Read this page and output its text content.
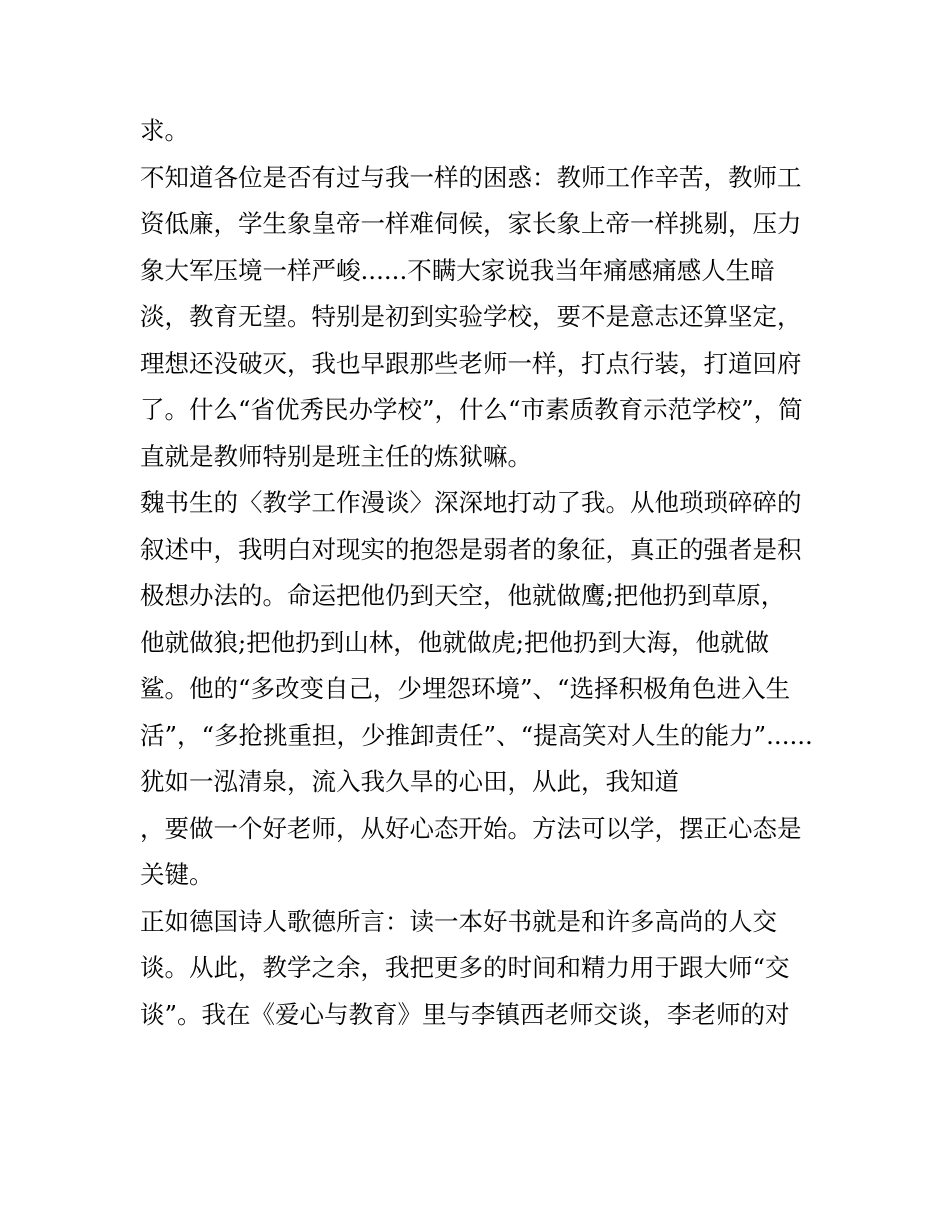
求。
不知道各位是否有过与我一样的困惑：教师工作辛苦，教师工
资低廉，学生象皇帝一样难伺候，家长象上帝一样挑剔，压力
象大军压境一样严峻......不瞒大家说我当年痛感痛感人生暗
淡，教育无望。特别是初到实验学校，要不是意志还算坚定，
理想还没破灭，我也早跟那些老师一样，打点行装，打道回府
了。什么“省优秀民办学校”，什么“市素质教育示范学校”，简
直就是教师特别是班主任的炼狱嘛。
魏书生的〈教学工作漫谈〉深深地打动了我。从他琐琐碎碎的
叙述中，我明白对现实的抱怨是弱者的象征，真正的强者是积
极想办法的。命运把他仍到天空，他就做鹰;把他扔到草原，
他就做狼;把他扔到山林，他就做虎;把他扔到大海，他就做
鲨。他的“多改变自己，少埋怨环境”、“选择积极角色进入生
活”，“多抢挑重担，少推卸责任”、“提高笑对人生的能力”......
犹如一泓清泉，流入我久旱的心田，从此，我知道
，要做一个好老师，从好心态开始。方法可以学，摆正心态是
关键。
正如德国诗人歌德所言：读一本好书就是和许多高尚的人交
谈。从此，教学之余，我把更多的时间和精力用于跟大师“交
谈”。我在《爱心与教育》里与李镇西老师交谈，李老师的对
